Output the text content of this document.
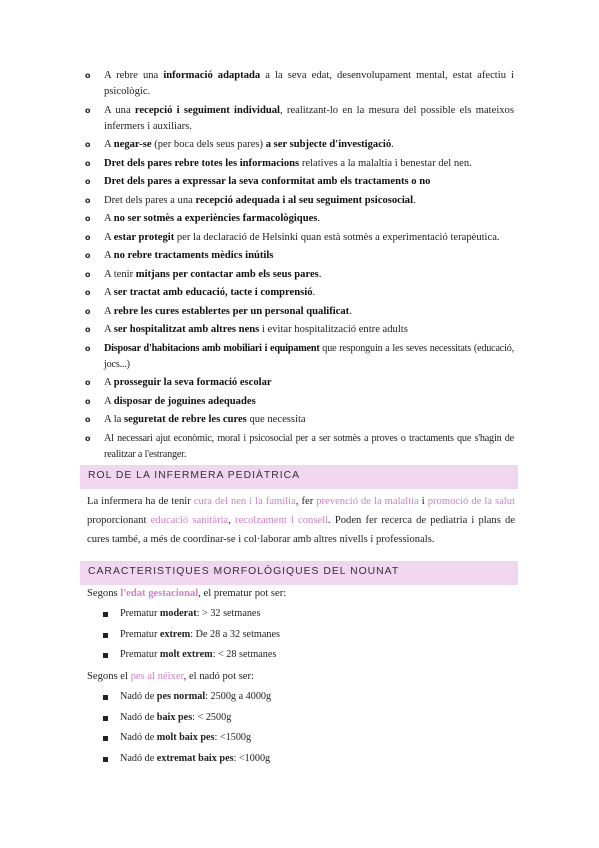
o A rebre una informació adaptada a la seva edat, desenvolupament mental, estat afectiu i psicològic.
o A una recepció i seguiment individual, realitzant-lo en la mesura del possible els mateixos infermers i auxiliars.
o A negar-se (per boca dels seus pares) a ser subjecte d'investigació.
o Dret dels pares rebre totes les informacions relatives a la malaltia i benestar del nen.
o Dret dels pares a expressar la seva conformitat amb els tractaments o no
o Dret dels pares a una recepció adequada i al seu seguiment psicosocial.
o A no ser sotmès a experiències farmacològiques.
o A estar protegit per la declaració de Helsinki quan està sotmès a experimentació terapèutica.
o A no rebre tractaments mèdics inútils
o A tenir mitjans per contactar amb els seus pares.
o A ser tractat amb educació, tacte i comprensió.
o A rebre les cures establertes per un personal qualificat.
o A ser hospitalitzat amb altres nens i evitar hospitalització entre adults
o Disposar d'habitacions amb mobiliari i equipament que responguin a les seves necessitats (educació, jocs...)
o A prosseguir la seva formació escolar
o A disposar de joguines adequades
o A la seguretat de rebre les cures que necessita
o Al necessari ajut econòmic, moral i psicosocial per a ser sotmès a proves o tractaments que s'hagin de realitzar a l'estranger.
ROL DE LA INFERMERA PEDIÀTRICA

La infermera ha de tenir cura del nen i la família, fer prevenció de la malaltia i promoció de la salut proporcionant educació sanitària, recolzament i consell. Poden fer recerca de pediatria i plans de cures també, a més de coordinar-se i col·laborar amb altres nivells i professionals.

CARACTERISTIQUES MORFOLÒGIQUES DEL NOUNAT

Segons l'edat gestacional, el prematur pot ser:

Prematur moderat: > 32 setmanes
Prematur extrem: De 28 a 32 setmanes
Prematur molt extrem: < 28 setmanes

Segons el pes al néixer, el nadó pot ser:

Nadó de pes normal: 2500g a 4000g
Nadó de baix pes: < 2500g
Nadó de molt baix pes: <1500g
Nadó de extremat baix pes: <1000g
